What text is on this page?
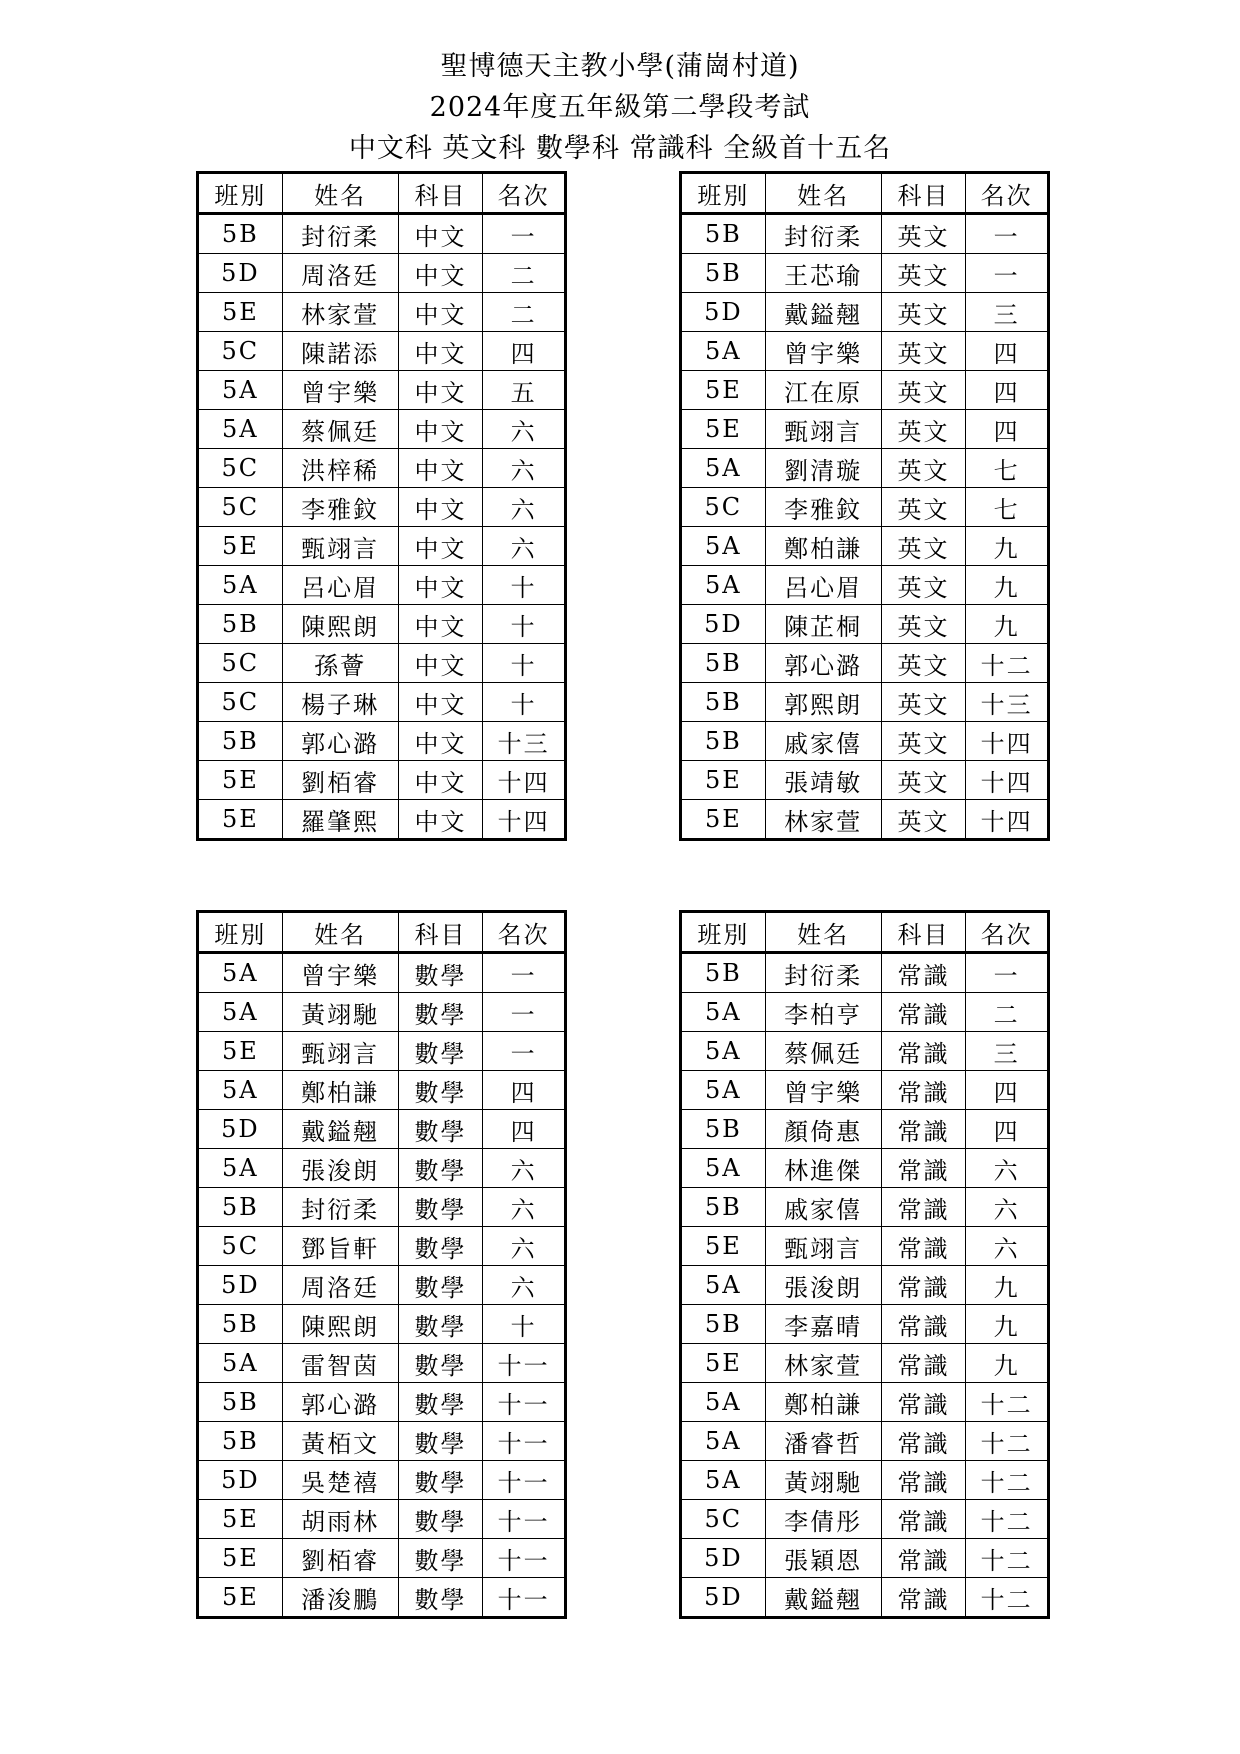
聖博德天主教小學(蒲崗村道)
2024年度五年級第二學段考試
中文科 英文科 數學科 常識科 全級首十五名
班別	姓名	科目	名次
5B	封衍柔	中文	一
5D	周洛廷	中文	二
5E	林家萱	中文	二
5C	陳諾添	中文	四
5A	曾宇樂	中文	五
5A	蔡佩廷	中文	六
5C	洪梓稀	中文	六
5C	李雅鈫	中文	六
5E	甄翊言	中文	六
5A	呂心眉	中文	十
5B	陳熙朗	中文	十
5C	孫薈	中文	十
5C	楊子琳	中文	十
5B	郭心潞	中文	十三
5E	劉栢睿	中文	十四
5E	羅肇熙	中文	十四
班別	姓名	科目	名次
5B	封衍柔	英文	一
5B	王芯瑜	英文	一
5D	戴鎰翹	英文	三
5A	曾宇樂	英文	四
5E	江在原	英文	四
5E	甄翊言	英文	四
5A	劉清璇	英文	七
5C	李雅鈫	英文	七
5A	鄭柏謙	英文	九
5A	呂心眉	英文	九
5D	陳芷桐	英文	九
5B	郭心潞	英文	十二
5B	郭熙朗	英文	十三
5B	戚家僖	英文	十四
5E	張靖敏	英文	十四
5E	林家萱	英文	十四
班別	姓名	科目	名次
5A	曾宇樂	數學	一
5A	黃翊馳	數學	一
5E	甄翊言	數學	一
5A	鄭柏謙	數學	四
5D	戴鎰翹	數學	四
5A	張浚朗	數學	六
5B	封衍柔	數學	六
5C	鄧旨軒	數學	六
5D	周洛廷	數學	六
5B	陳熙朗	數學	十
5A	雷智茵	數學	十一
5B	郭心潞	數學	十一
5B	黃栢文	數學	十一
5D	吳楚禧	數學	十一
5E	胡雨林	數學	十一
5E	劉栢睿	數學	十一
5E	潘浚鵬	數學	十一
班別	姓名	科目	名次
5B	封衍柔	常識	一
5A	李柏亨	常識	二
5A	蔡佩廷	常識	三
5A	曾宇樂	常識	四
5B	顏倚惠	常識	四
5A	林進傑	常識	六
5B	戚家僖	常識	六
5E	甄翊言	常識	六
5A	張浚朗	常識	九
5B	李嘉晴	常識	九
5E	林家萱	常識	九
5A	鄭柏謙	常識	十二
5A	潘睿哲	常識	十二
5A	黃翊馳	常識	十二
5C	李倩彤	常識	十二
5D	張穎恩	常識	十二
5D	戴鎰翹	常識	十二
